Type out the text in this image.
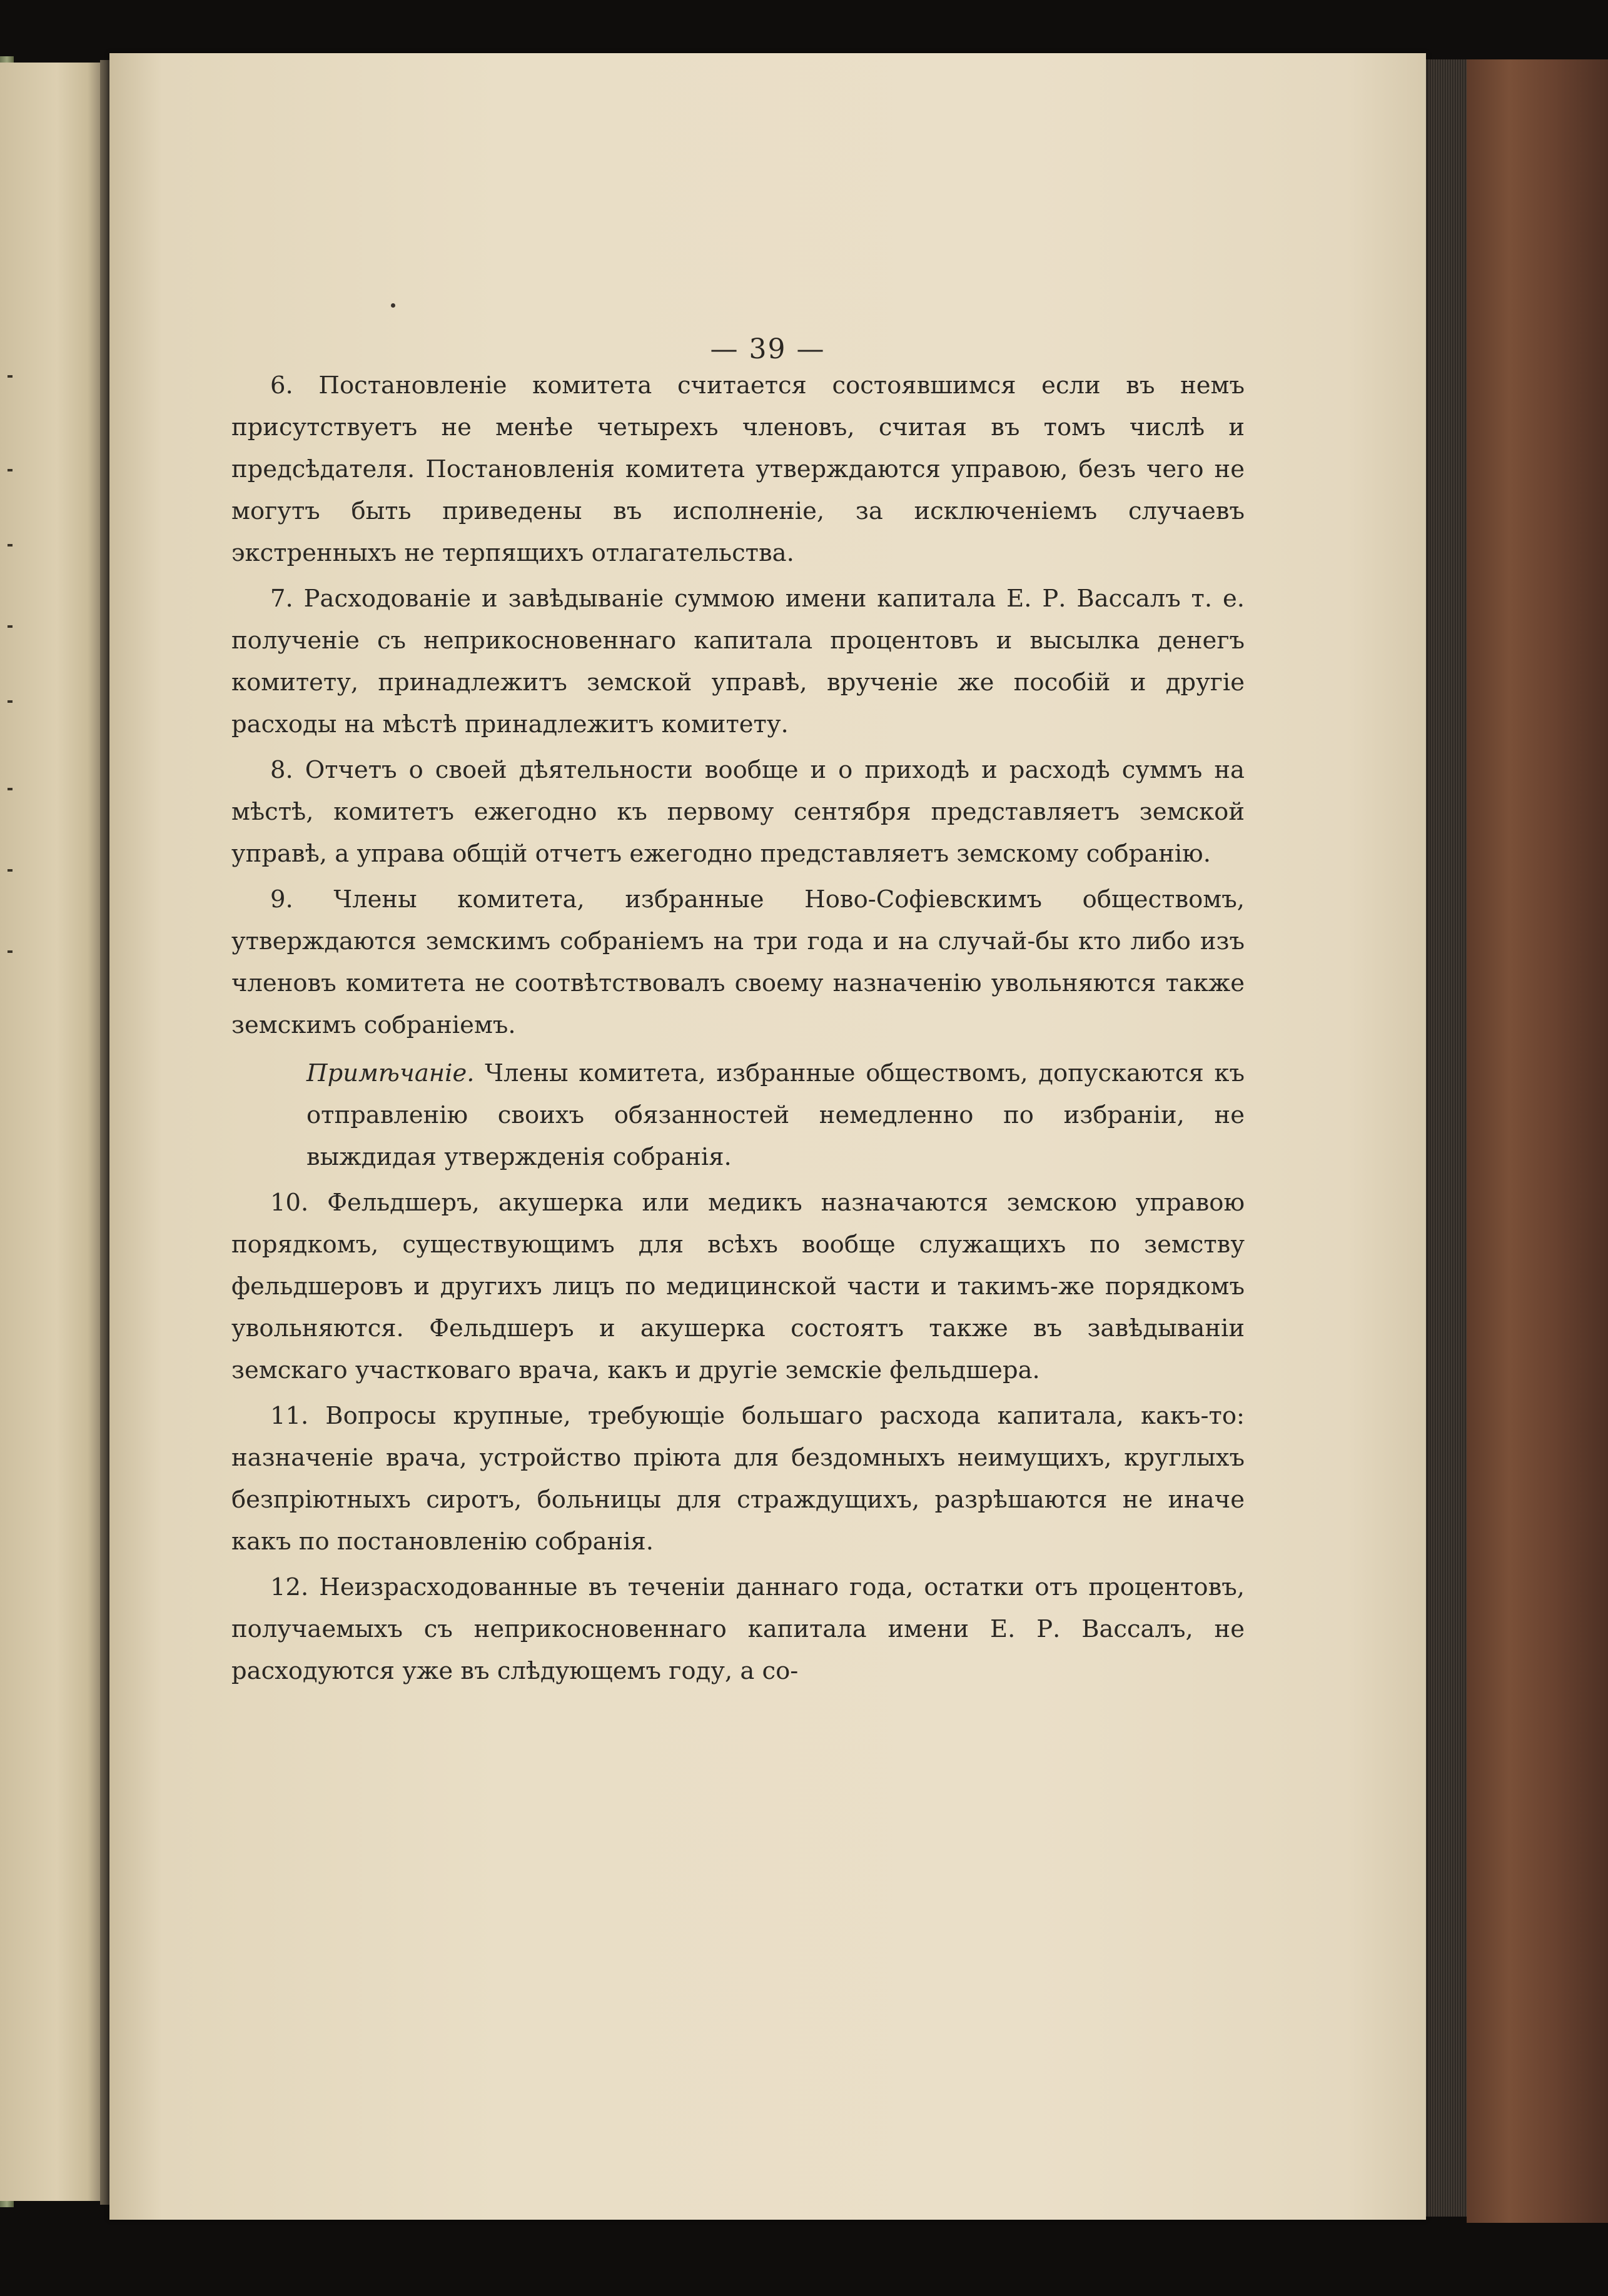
— 39 —

6. Постановленіе комитета считается состоявшимся если въ немъ присутствуетъ не менѣе четырехъ членовъ, считая въ томъ числѣ и предсѣдателя. Постановленія комитета утверждаются управою, безъ чего не могутъ быть приведены въ исполненіе, за исключеніемъ случаевъ экстренныхъ не терпящихъ отлагательства.

7. Расходованіе и завѣдываніе суммою имени капитала Е. Р. Вассалъ т. е. полученіе съ неприкосновеннаго капитала процентовъ и высылка денегъ комитету, принадлежитъ земской управѣ, врученіе же пособій и другіе расходы на мѣстѣ принадлежитъ комитету.

8. Отчетъ о своей дѣятельности вообще и о приходѣ и расходѣ суммъ на мѣстѣ, комитетъ ежегодно къ первому сентября представляетъ земской управѣ, а управа общій отчетъ ежегодно представляетъ земскому собранію.

9. Члены комитета, избранные Ново-Софіевскимъ обществомъ, утверждаются земскимъ собраніемъ на три года и на случай-бы кто либо изъ членовъ комитета не соотвѣтствовалъ своему назначенію увольняются также земскимъ собраніемъ.

Примѣчаніе. Члены комитета, избранные обществомъ, допускаются къ отправленію своихъ обязанностей немедленно по избраніи, не выждидая утвержденія собранія.

10. Фельдшеръ, акушерка или медикъ назначаются земскою управою порядкомъ, существующимъ для всѣхъ вообще служащихъ по земству фельдшеровъ и другихъ лицъ по медицинской части и такимъ-же порядкомъ увольняются. Фельдшеръ и акушерка состоятъ также въ завѣдываніи земскаго участковаго врача, какъ и другіе земскіе фельдшера.

11. Вопросы крупные, требующіе большаго расхода капитала, какъ-то: назначеніе врача, устройство пріюта для бездомныхъ неимущихъ, круглыхъ безпріютныхъ сиротъ, больницы для страждущихъ, разрѣшаются не иначе какъ по постановленію собранія.

12. Неизрасходованные въ теченіи даннаго года, остатки отъ процентовъ, получаемыхъ съ неприкосновеннаго капитала имени Е. Р. Вассалъ, не расходуются уже въ слѣдующемъ году, а со-
